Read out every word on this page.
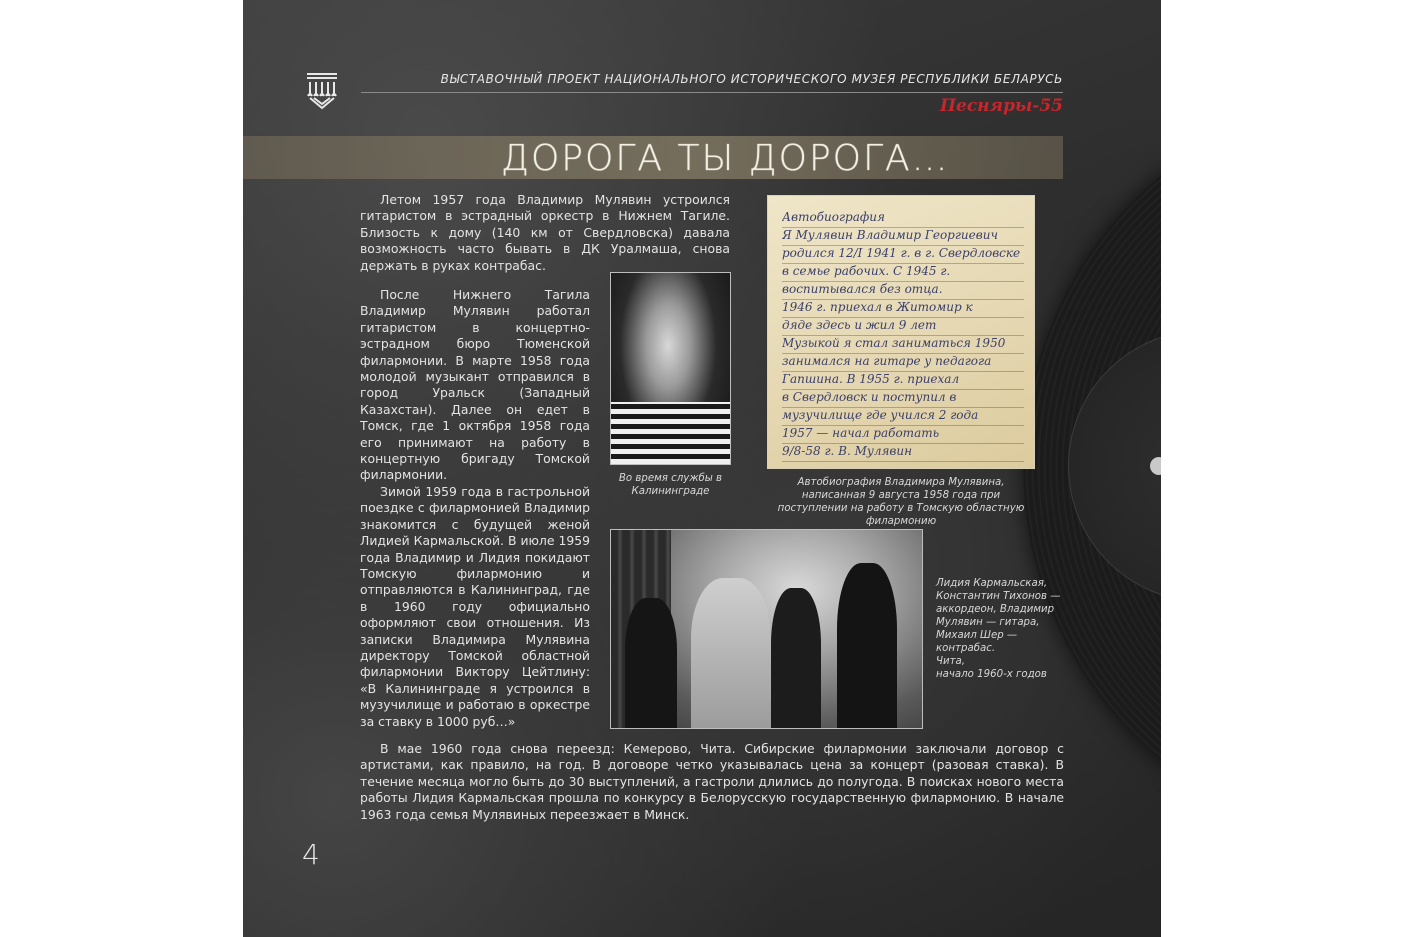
ВЫСТАВОЧНЫЙ ПРОЕКТ НАЦИОНАЛЬНОГО ИСТОРИЧЕСКОГО МУЗЕЯ РЕСПУБЛИКИ БЕЛАРУСЬ
Песняры-55
ДОРОГА ТЫ ДОРОГА…

Летом 1957 года Владимир Мулявин устроился гитаристом в эстрадный оркестр в Нижнем Тагиле. Близость к дому (140 км от Свердловска) давала возможность часто бывать в ДК Уралмаша, снова держать в руках контрабас.

После Нижнего Тагила Владимир Мулявин работал гитаристом в концертно-эстрадном бюро Тюменской филармонии. В марте 1958 года молодой музыкант отправился в город Уральск (Западный Казахстан). Далее он едет в Томск, где 1 октября 1958 года его принимают на работу в концертную бригаду Томской филармонии.

Зимой 1959 года в гастрольной поездке с филармонией Владимир знакомится с будущей женой Лидией Кармальской. В июле 1959 года Владимир и Лидия покидают Томскую филармонию и отправляются в Калининград, где в 1960 году официально оформляют свои отношения. Из записки Владимира Мулявина директору Томской областной филармонии Виктору Цейтлину: «В Калининграде я устроился в музучилище и работаю в оркестре за ставку в 1000 руб…»

Во время службы в Калининграде
Автобиография
Я Мулявин Владимир Георгиевич
родился 12/I 1941 г. в г. Свердловске
в семье рабочих. С 1945 г.
воспитывался без отца.
1946 г. приехал в Житомир к
дяде здесь и жил 9 лет
Музыкой я стал заниматься 1950
занимался на гитаре у педагога
Гапшина. В 1955 г. приехал
в Свердловск и поступил в
музучилище где учился 2 года
1957 — начал работать
9/8-58 г. В. Мулявин
Автобиография Владимира Мулявина, написанная 9 августа 1958 года при поступлении на работу в Томскую областную филармонию
Лидия Кармальская,
Константин Тихонов —
аккордеон, Владимир
Мулявин — гитара,
Михаил Шер —
контрабас.
Чита,
начало 1960-х годов

В мае 1960 года снова переезд: Кемерово, Чита. Сибирские филармонии заключали договор с артистами, как правило, на год. В договоре четко указывалась цена за концерт (разовая ставка). В течение месяца могло быть до 30 выступлений, а гастроли длились до полугода. В поисках нового места работы Лидия Кармальская прошла по конкурсу в Белорусскую государственную филармонию. В начале 1963 года семья Мулявиных переезжает в Минск.

4
